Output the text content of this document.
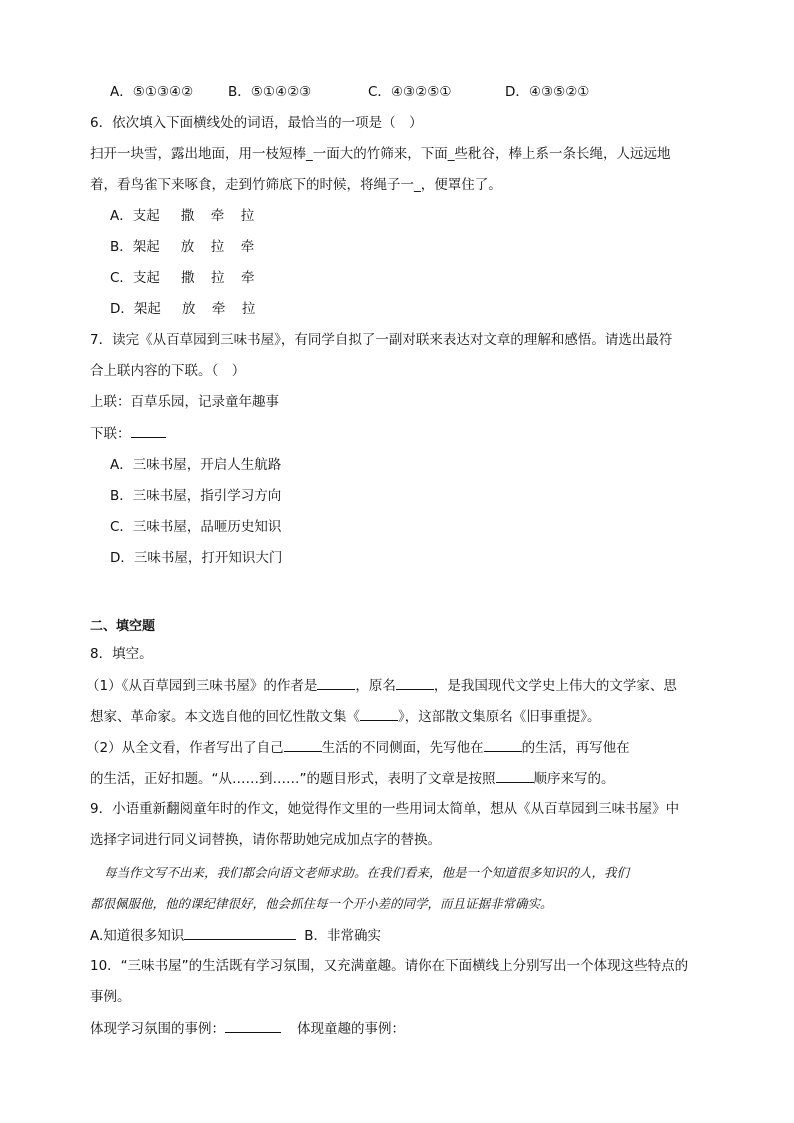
A．⑤①③④②	B．⑤①④②③	C．④③②⑤①	D．④③⑤②①
6．依次填入下面横线处的词语，最恰当的一项是（　）
扫开一块雪，露出地面，用一枝短棒_一面大的竹筛来，下面_些秕谷，棒上系一条长绳，人远远地
着，看鸟雀下来啄食，走到竹筛底下的时候，将绳子一_，便罩住了。
A．支起 撒 牵 拉
B．架起 放 拉 牵
C．支起 撒 拉 牵
D．架起 放 牵 拉
7．读完《从百草园到三味书屋》，有同学自拟了一副对联来表达对文章的理解和感悟。请选出最符
合上联内容的下联。（　）
上联：百草乐园，记录童年趣事
下联：
A．三味书屋，开启人生航路
B．三味书屋，指引学习方向
C．三味书屋，品咂历史知识
D．三味书屋，打开知识大门
二、填空题
8．填空。
（1）《从百草园到三味书屋》的作者是	，原名	，是我国现代文学史上伟大的文学家、思
想家、革命家。本文选自他的回忆性散文集《	》，这部散文集原名《旧事重提》。
（2）从全文看，作者写出了自己	生活的不同侧面，先写他在	的生活，再写他在
的生活，正好扣题。“从……到……”的题目形式，表明了文章是按照	顺序来写的。
9．小语重新翻阅童年时的作文，她觉得作文里的一些用词太简单，想从《从百草园到三味书屋》中
选择字词进行同义词替换，请你帮助她完成加点字的替换。
每当作文写不出来，我们都会向语文老师求助。在我们看来，他是一个知道很多知识的人，我们
都很佩服他，他的课纪律很好，他会抓住每一个开小差的同学，而且证据非常确实。
A.知道很多知识	B．非常确实
10．“三味书屋”的生活既有学习氛围，又充满童趣。请你在下面横线上分别写出一个体现这些特点的
事例。
体现学习氛围的事例：	体现童趣的事例：
